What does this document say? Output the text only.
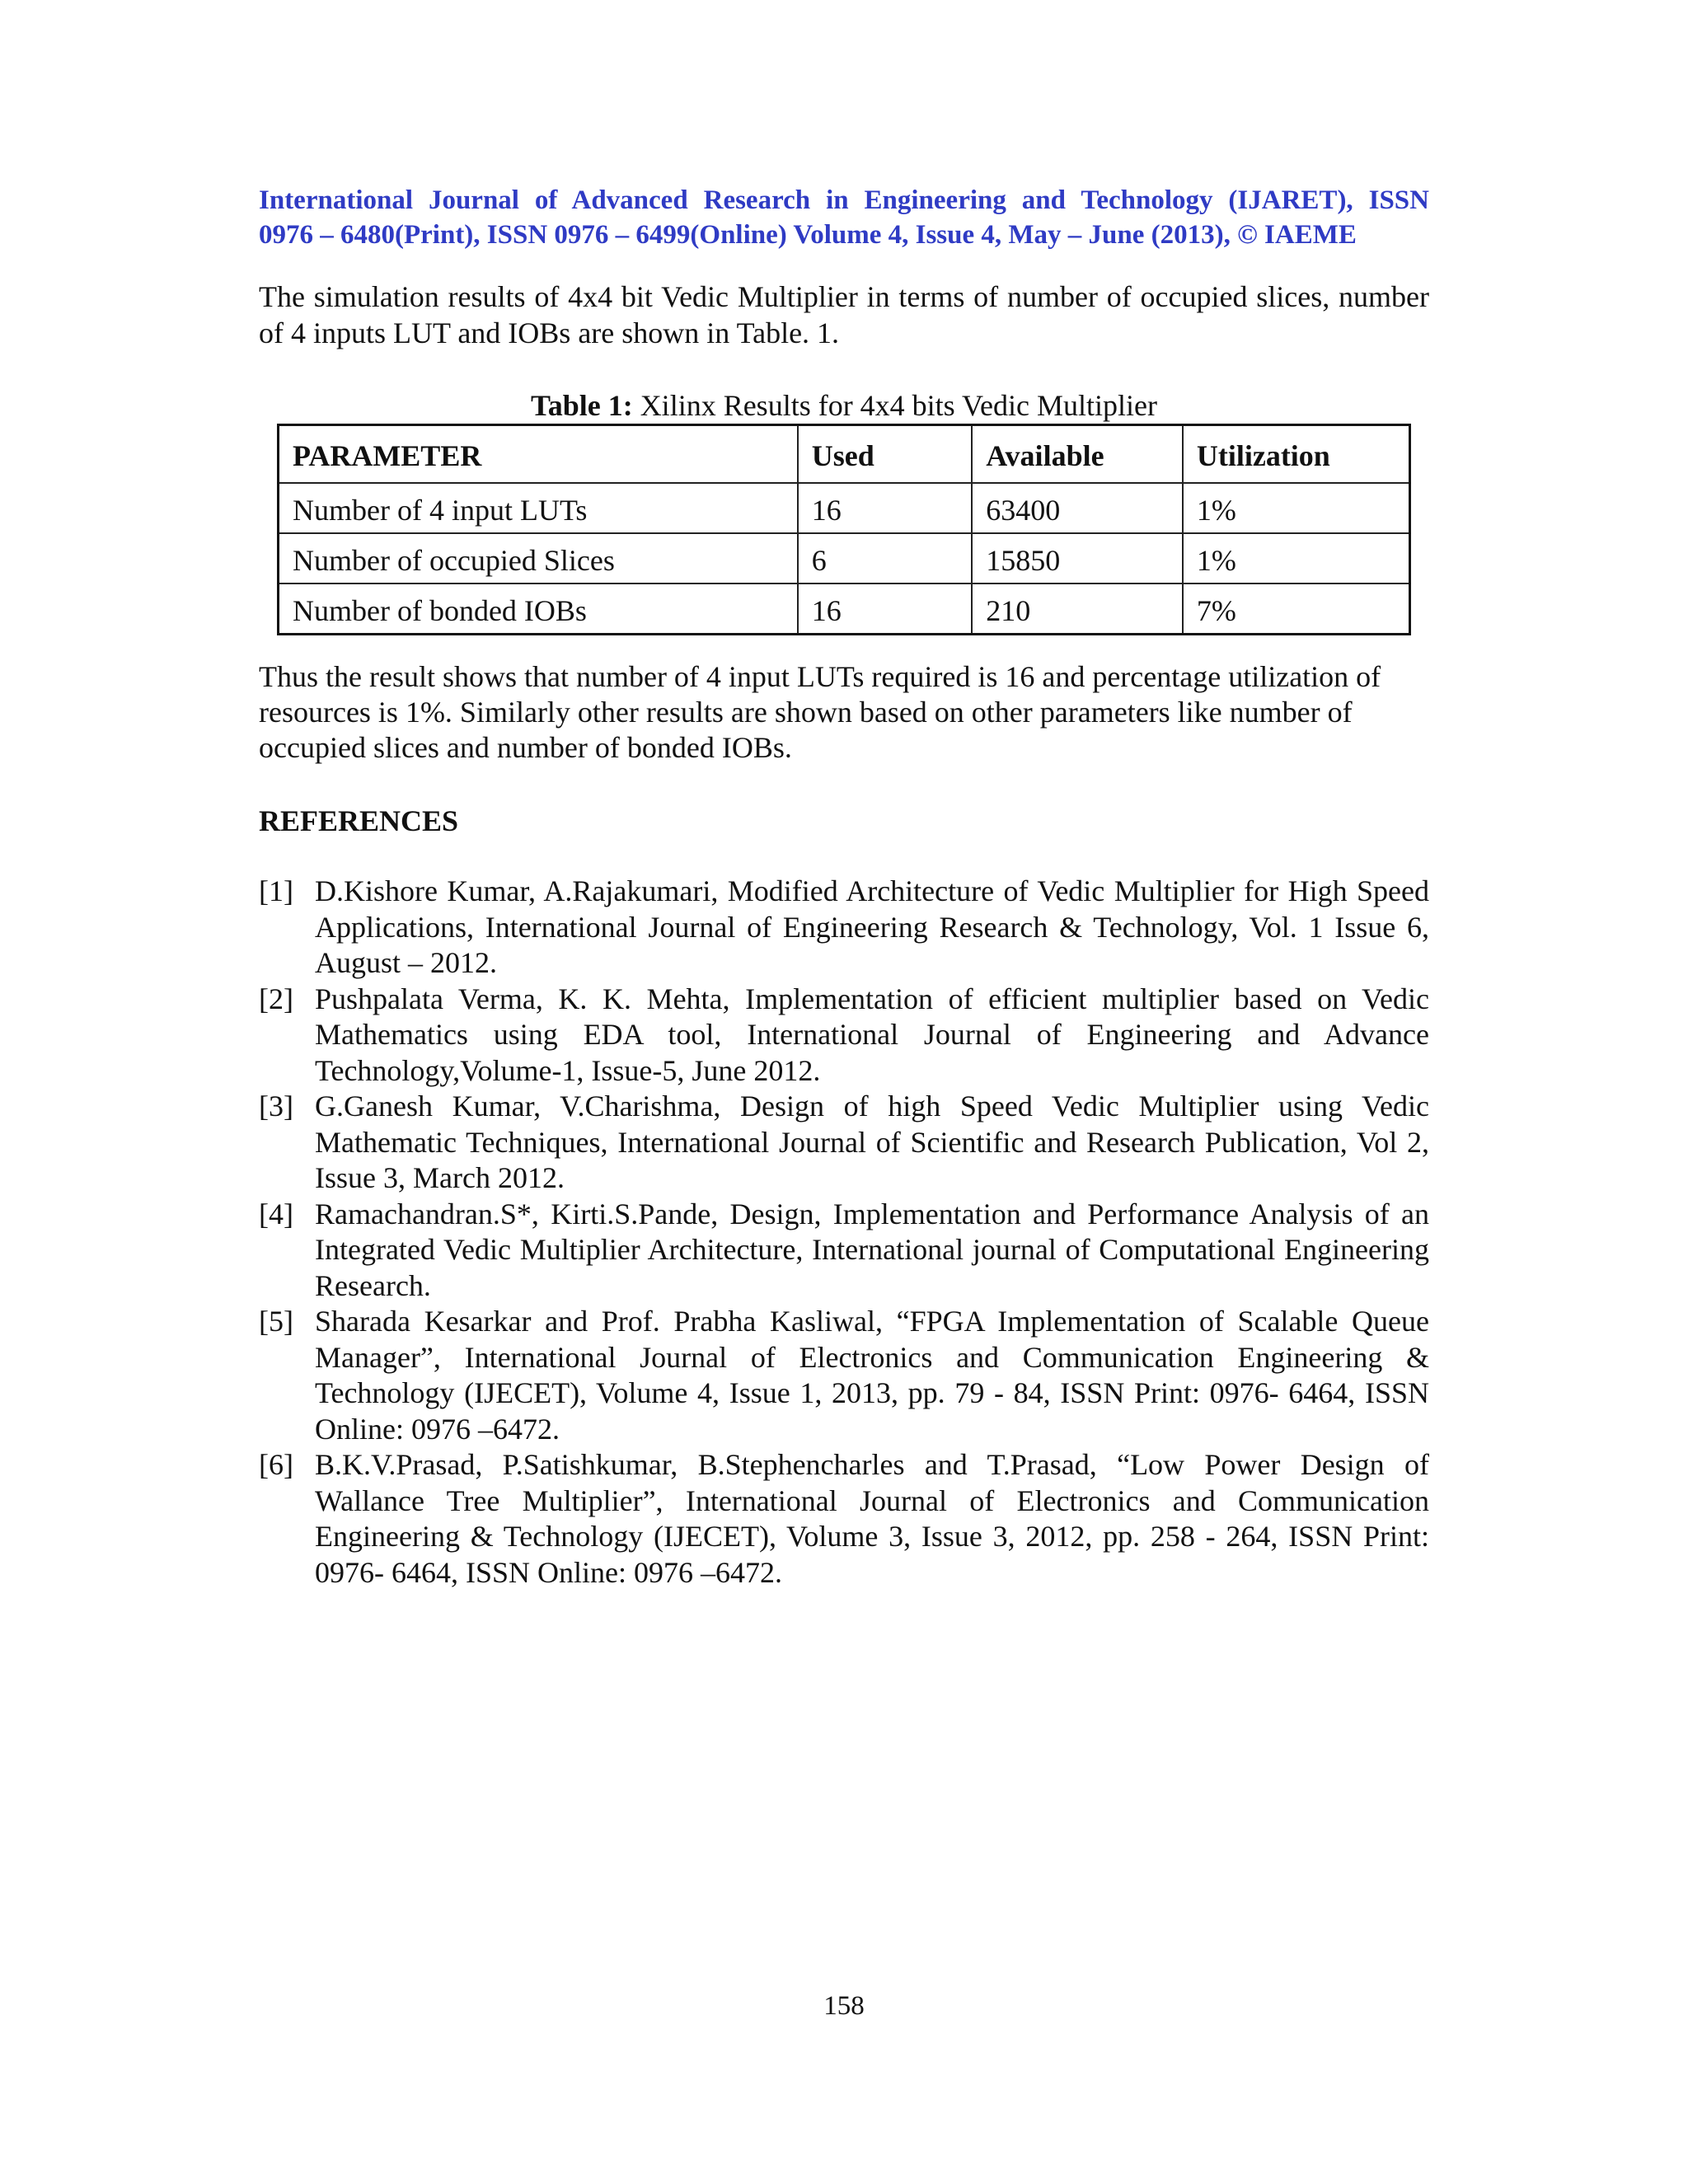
International Journal of Advanced Research in Engineering and Technology (IJARET), ISSN
0976 – 6480(Print), ISSN 0976 – 6499(Online) Volume 4, Issue 4, May – June (2013), © IAEME

The simulation results of 4x4 bit Vedic Multiplier in terms of number of occupied slices, number of 4 inputs LUT and IOBs are shown in Table. 1.

Table 1: Xilinx Results for 4x4 bits Vedic Multiplier
PARAMETER	Used	Available	Utilization
Number of 4 input LUTs	16	63400	1%
Number of occupied Slices	6	15850	1%
Number of bonded IOBs	16	210	7%

Thus the result shows that number of 4 input LUTs required is 16 and percentage utilization of resources is 1%. Similarly other results are shown based on other parameters like number of occupied slices and number of bonded IOBs.

REFERENCES
[1] D.Kishore Kumar, A.Rajakumari, Modified Architecture of Vedic Multiplier for High Speed Applications, International Journal of Engineering Research & Technology, Vol. 1 Issue 6, August – 2012.
[2] Pushpalata Verma, K. K. Mehta, Implementation of efficient multiplier based on Vedic Mathematics using EDA tool, International Journal of Engineering and Advance Technology,Volume-1, Issue-5, June 2012.
[3] G.Ganesh Kumar, V.Charishma, Design of high Speed Vedic Multiplier using Vedic Mathematic Techniques, International Journal of Scientific and Research Publication, Vol 2, Issue 3, March 2012.
[4] Ramachandran.S*, Kirti.S.Pande, Design, Implementation and Performance Analysis of an Integrated Vedic Multiplier Architecture, International journal of Computational Engineering Research.
[5] Sharada Kesarkar and Prof. Prabha Kasliwal, “FPGA Implementation of Scalable Queue Manager”, International Journal of Electronics and Communication Engineering & Technology (IJECET), Volume 4, Issue 1, 2013, pp. 79 - 84, ISSN Print: 0976- 6464, ISSN Online: 0976 –6472.
[6] B.K.V.Prasad, P.Satishkumar, B.Stephencharles and T.Prasad, “Low Power Design of Wallance Tree Multiplier”, International Journal of Electronics and Communication Engineering & Technology (IJECET), Volume 3, Issue 3, 2012, pp. 258 - 264, ISSN Print: 0976- 6464, ISSN Online: 0976 –6472.
158
